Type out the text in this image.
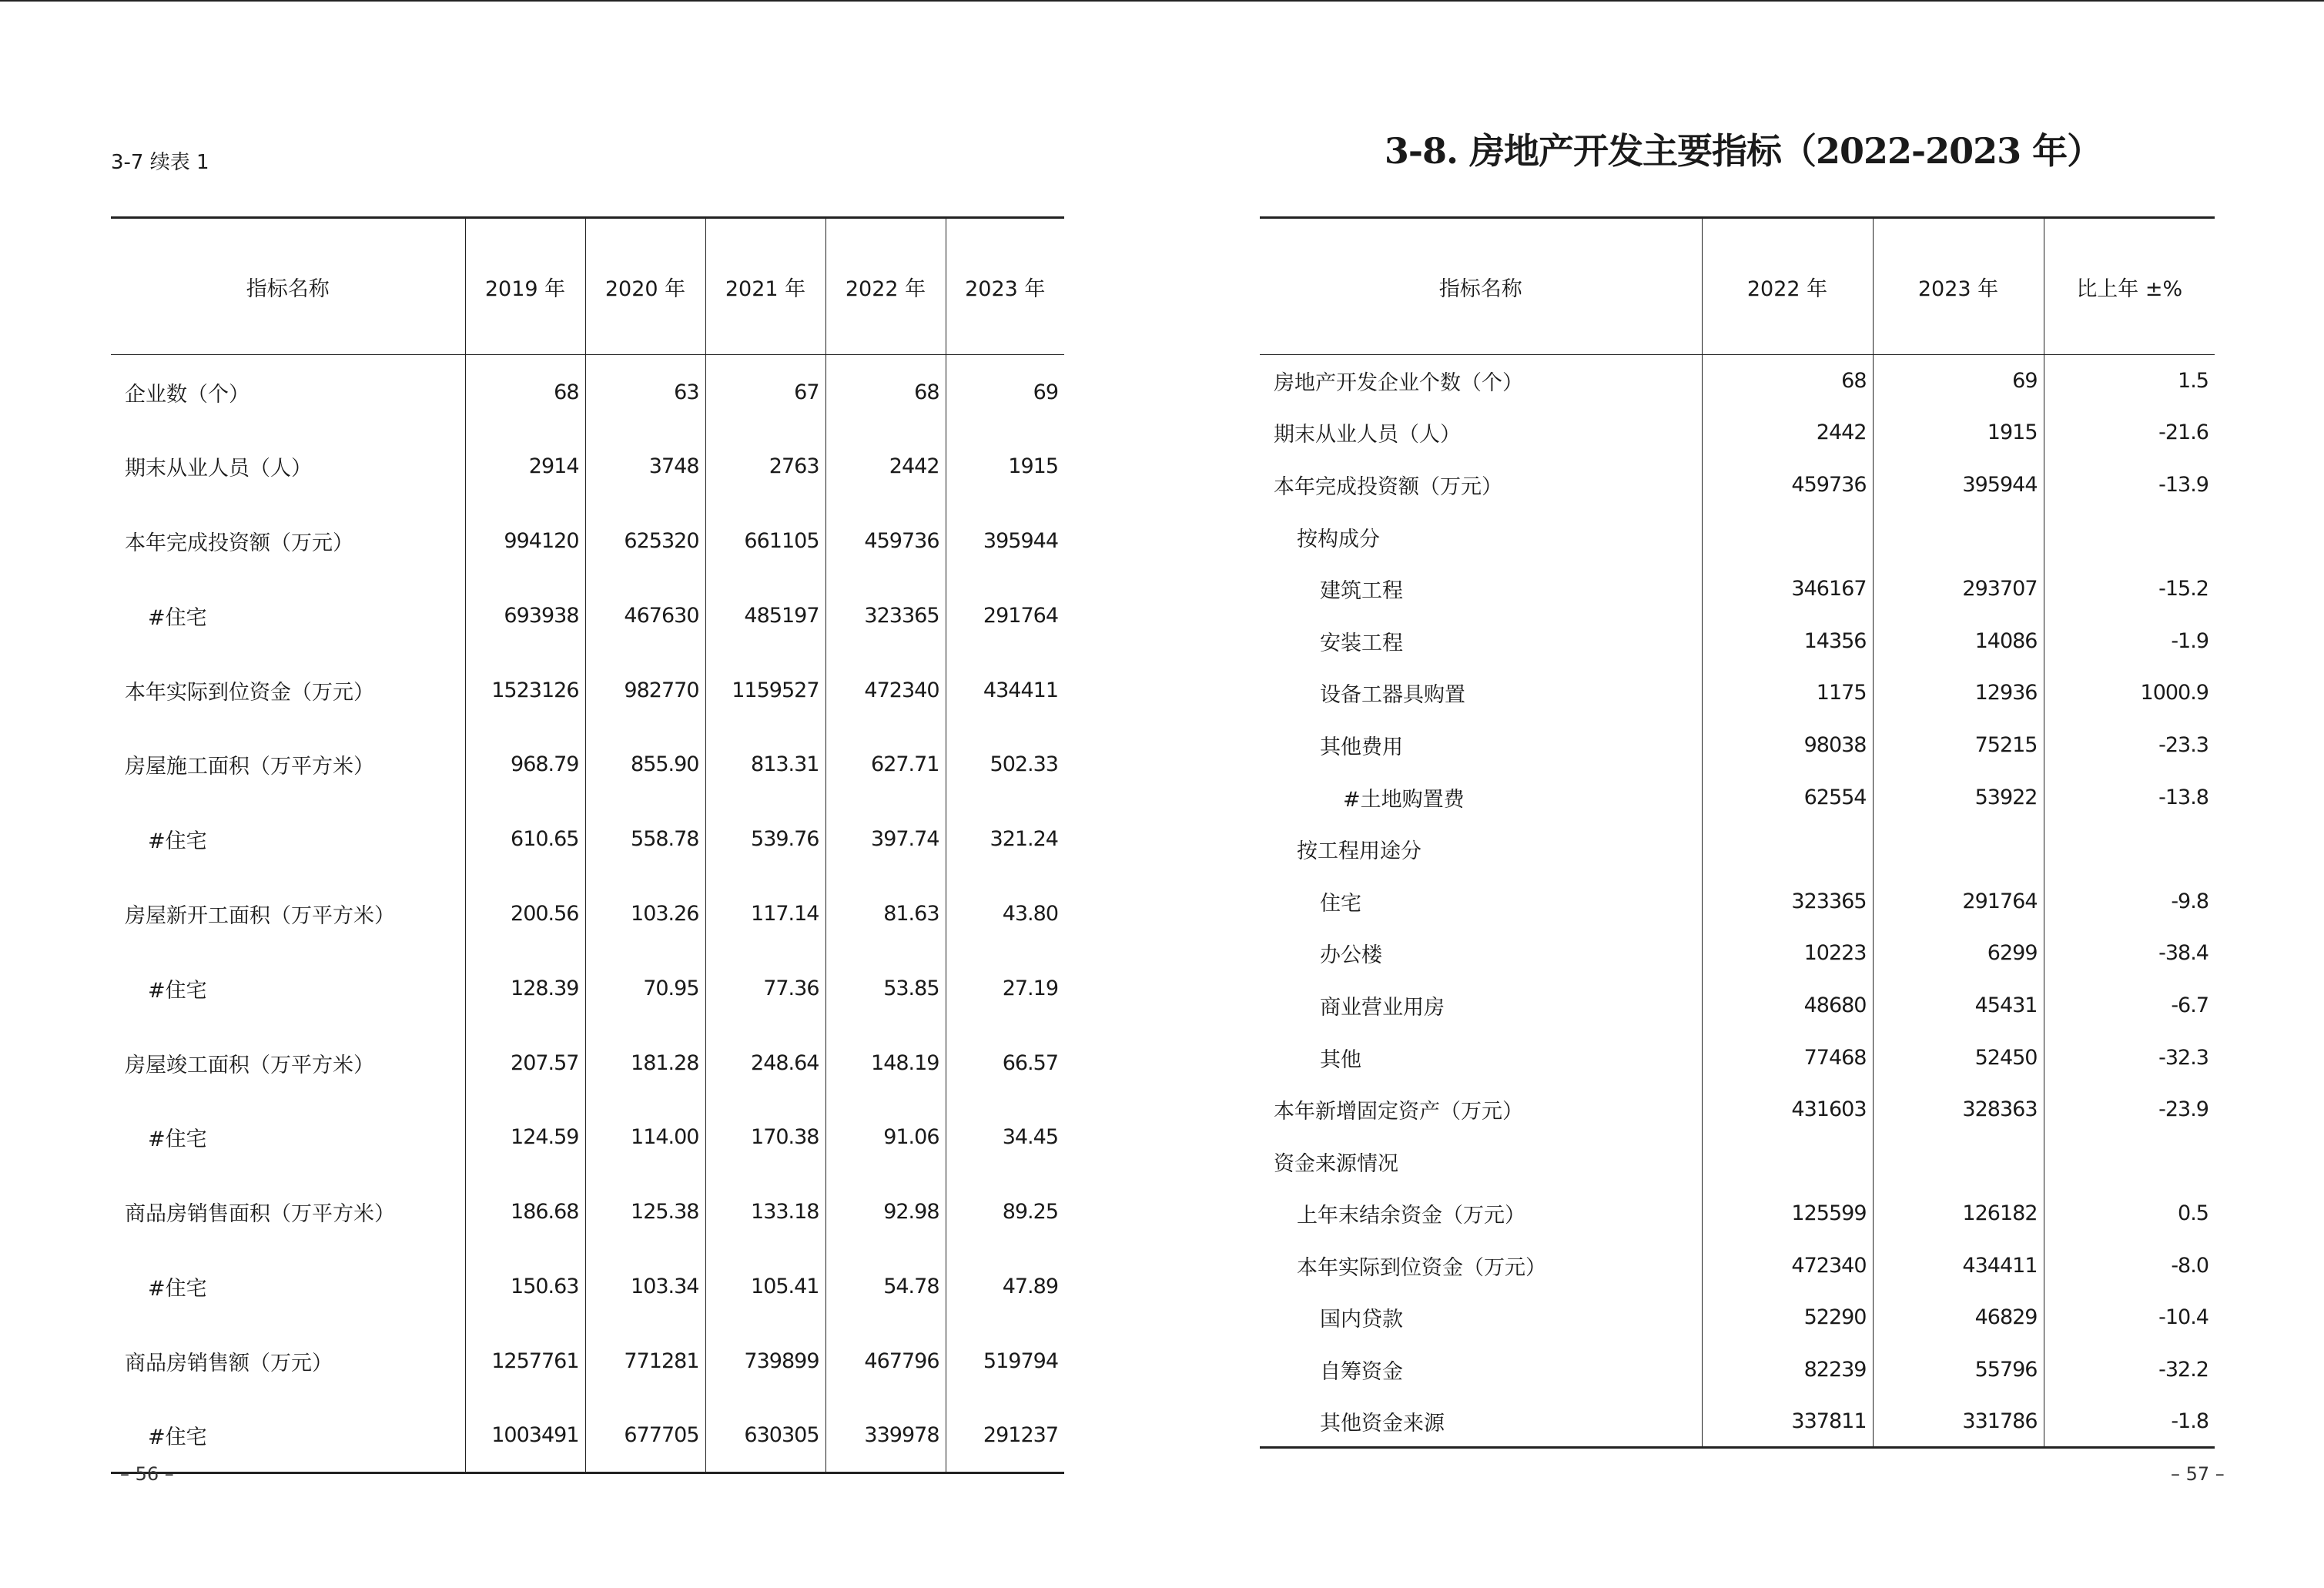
3-7 续表 1
指标名称	2019 年	2020 年	2021 年	2022 年	2023 年
企业数（个）	68	63	67	68	69
期末从业人员（人）	2914	3748	2763	2442	1915
本年完成投资额（万元）	994120	625320	661105	459736	395944
#住宅	693938	467630	485197	323365	291764
本年实际到位资金（万元）	1523126	982770	1159527	472340	434411
房屋施工面积（万平方米）	968.79	855.90	813.31	627.71	502.33
#住宅	610.65	558.78	539.76	397.74	321.24
房屋新开工面积（万平方米）	200.56	103.26	117.14	81.63	43.80
#住宅	128.39	70.95	77.36	53.85	27.19
房屋竣工面积（万平方米）	207.57	181.28	248.64	148.19	66.57
#住宅	124.59	114.00	170.38	91.06	34.45
商品房销售面积（万平方米）	186.68	125.38	133.18	92.98	89.25
#住宅	150.63	103.34	105.41	54.78	47.89
商品房销售额（万元）	1257761	771281	739899	467796	519794
#住宅	1003491	677705	630305	339978	291237
– 56 –
3-8. 房地产开发主要指标（2022-2023 年）
指标名称	2022 年	2023 年	比上年 ±%
房地产开发企业个数（个）	68	69	1.5
期末从业人员（人）	2442	1915	-21.6
本年完成投资额（万元）	459736	395944	-13.9
按构成分			
建筑工程	346167	293707	-15.2
安装工程	14356	14086	-1.9
设备工器具购置	1175	12936	1000.9
其他费用	98038	75215	-23.3
#土地购置费	62554	53922	-13.8
按工程用途分			
住宅	323365	291764	-9.8
办公楼	10223	6299	-38.4
商业营业用房	48680	45431	-6.7
其他	77468	52450	-32.3
本年新增固定资产（万元）	431603	328363	-23.9
资金来源情况			
上年末结余资金（万元）	125599	126182	0.5
本年实际到位资金（万元）	472340	434411	-8.0
国内贷款	52290	46829	-10.4
自筹资金	82239	55796	-32.2
其他资金来源	337811	331786	-1.8
– 57 –
